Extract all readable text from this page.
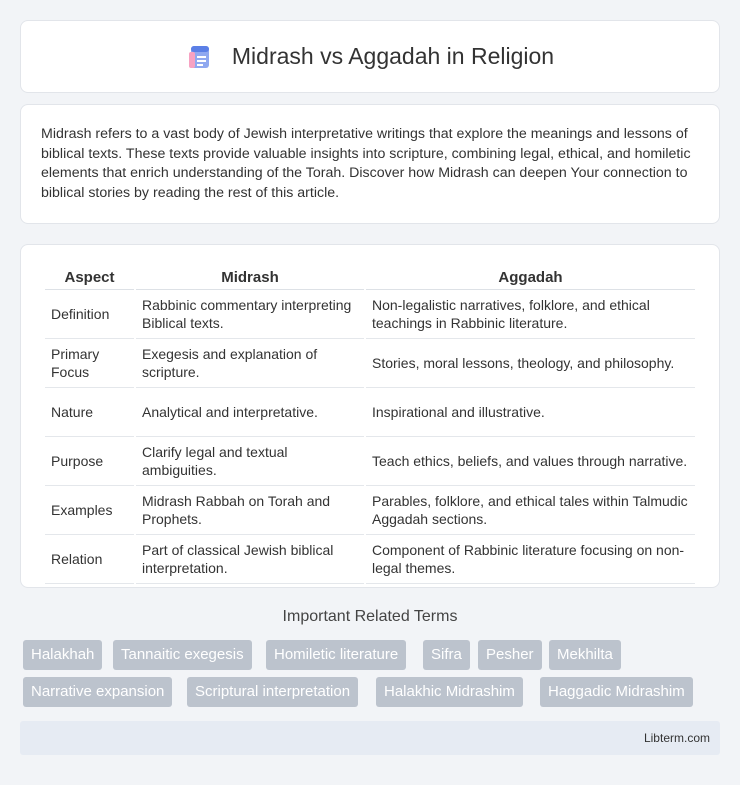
Midrash vs Aggadah in Religion

Midrash refers to a vast body of Jewish interpretative writings that explore the meanings and lessons of biblical texts. These texts provide valuable insights into scripture, combining legal, ethical, and homiletic elements that enrich understanding of the Torah. Discover how Midrash can deepen Your connection to biblical stories by reading the rest of this article.

Aspect	Midrash	Aggadah
Definition	Rabbinic commentary interpreting Biblical texts.	Non-legalistic narratives, folklore, and ethical teachings in Rabbinic literature.
Primary Focus	Exegesis and explanation of scripture.	Stories, moral lessons, theology, and philosophy.
Nature	Analytical and interpretative.	Inspirational and illustrative.
Purpose	Clarify legal and textual ambiguities.	Teach ethics, beliefs, and values through narrative.
Examples	Midrash Rabbah on Torah and Prophets.	Parables, folklore, and ethical tales within Talmudic Aggadah sections.
Relation	Part of classical Jewish biblical interpretation.	Component of Rabbinic literature focusing on non-legal themes.
Important Related Terms
Halakhah	Tannaitic exegesis	Homiletic literature	Sifra	Pesher	Mekhilta
Narrative expansion	Scriptural interpretation	Halakhic Midrashim	Haggadic Midrashim
Libterm.com
